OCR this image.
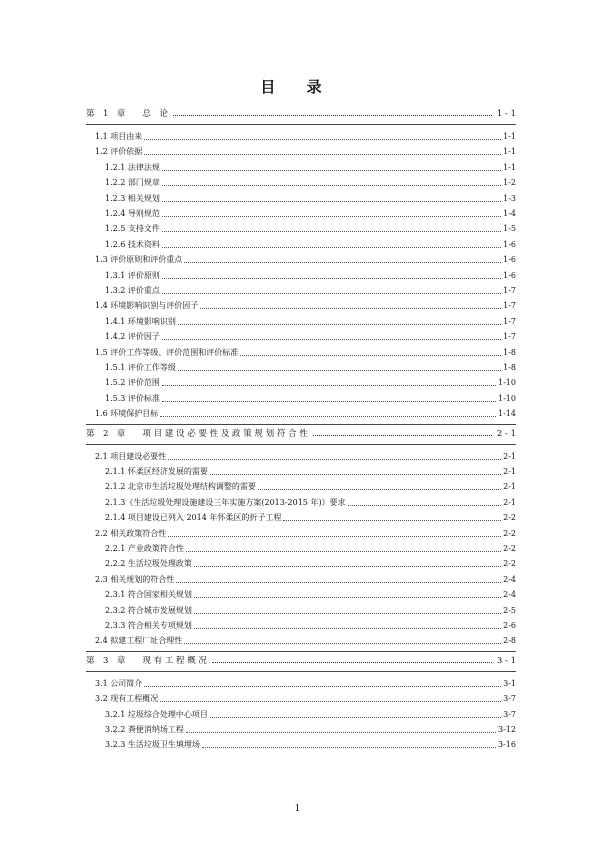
目 录
第　1　章　　总　论	1 - 1
1.1 项目由来	1-1
1.2 评价依据	1-1
1.2.1 法律法规	1-1
1.2.2 部门规章	1-2
1.2.3 相关规划	1-3
1.2.4 导则规范	1-4
1.2.5 支持文件	1-5
1.2.6 技术资料	1-6
1.3 评价原则和评价重点	1-6
1.3.1 评价原则	1-6
1.3.2 评价重点	1-7
1.4 环境影响识别与评价因子	1-7
1.4.1 环境影响识别	1-7
1.4.2 评价因子	1-7
1.5 评价工作等级、评价范围和评价标准	1-8
1.5.1 评价工作等级	1-8
1.5.2 评价范围	1-10
1.5.3 评价标准	1-10
1.6 环境保护目标	1-14
第　2　章　　项 目 建 设 必 要 性 及 政 策 规 划 符 合 性	2 - 1
2.1 项目建设必要性	2-1
2.1.1 怀柔区经济发展的需要	2-1
2.1.2 北京市生活垃圾处理结构调整的需要	2-1
2.1.3《生活垃圾处理设施建设三年实施方案(2013-2015 年)》要求	2-1
2.1.4 项目建设已列入 2014 年怀柔区的折子工程	2-2
2.2 相关政策符合性	2-2
2.2.1 产业政策符合性	2-2
2.2.2 生活垃圾处理政策	2-2
2.3 相关规划的符合性	2-4
2.3.1 符合国家相关规划	2-4
2.3.2 符合城市发展规划	2-5
2.3.3 符合相关专项规划	2-6
2.4 拟建工程厂址合理性	2-8
第　3　章　　现 有 工 程 概 况	3 - 1
3.1 公司简介	3-1
3.2 现有工程概况	3-7
3.2.1 垃圾综合处理中心项目	3-7
3.2.2 粪便消纳场工程	3-12
3.2.3 生活垃圾卫生填埋场	3-16
1
